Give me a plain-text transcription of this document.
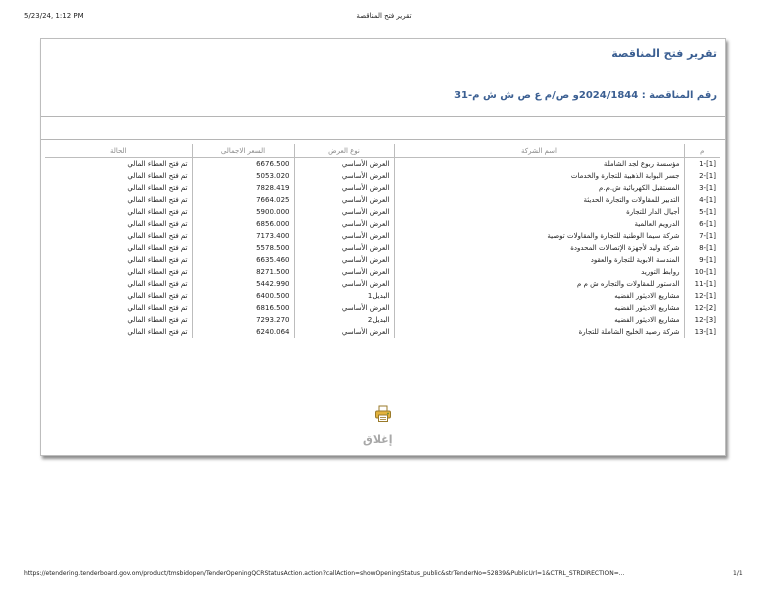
5/23/24, 1:12 PM	تقرير فتح المناقصة
تقرير فتح المناقصة
رقم المناقصة : 2024/1844و ص/م ع ص ش ش م-31
م	اسم الشركة	نوع العرض	السعر الاجمالى	الحالة
1-[1]	مؤسسة ربوع لجد الشاملة	العرض الأساسي	6676.500	تم فتح العطاء المالي
2-[1]	جسر البوابة الذهبية للتجارة والخدمات	العرض الأساسي	5053.020	تم فتح العطاء المالي
3-[1]	المستقبل الكهربائية ش.م.م	العرض الأساسي	7828.419	تم فتح العطاء المالي
4-[1]	التدبير للمقاولات والتجارة الحديثة	العرض الأساسي	7664.025	تم فتح العطاء المالي
5-[1]	أجيال الدار للتجارة	العرض الأساسي	5900.000	تم فتح العطاء المالي
6-[1]	الدرويم العالمية	العرض الأساسي	6856.000	تم فتح العطاء المالي
7-[1]	شركة سيما الوطنية للتجارة والمقاولات توصية	العرض الأساسي	7173.400	تم فتح العطاء المالي
8-[1]	شركة وليد لأجهزة الإتصالات المحدودة	العرض الأساسي	5578.500	تم فتح العطاء المالي
9-[1]	المندسة الابوية للتجارة والعقود	العرض الأساسي	6635.460	تم فتح العطاء المالي
10-[1]	روابط التوريد	العرض الأساسي	8271.500	تم فتح العطاء المالي
11-[1]	الدستور للمقاولات والتجاره ش م م	العرض الأساسي	5442.990	تم فتح العطاء المالي
12-[1]	مشاريع الاديثور الفضيه	البديل1	6400.500	تم فتح العطاء المالي
12-[2]	مشاريع الاديثور الفضيه	العرض الأساسي	6816.500	تم فتح العطاء المالي
12-[3]	مشاريع الاديثور الفضيه	البديل2	7293.270	تم فتح العطاء المالي
13-[1]	شركة رصيد الخليج الشاملة للتجارة	العرض الأساسي	6240.064	تم فتح العطاء المالي
إغلاق
https://etendering.tenderboard.gov.om/product/tmsbidopen/TenderOpeningQCRStatusAction.action?callAction=showOpeningStatus_public&strTenderNo=52839&PublicUrl=1&CTRL_STRDIRECTION=...	1/1
